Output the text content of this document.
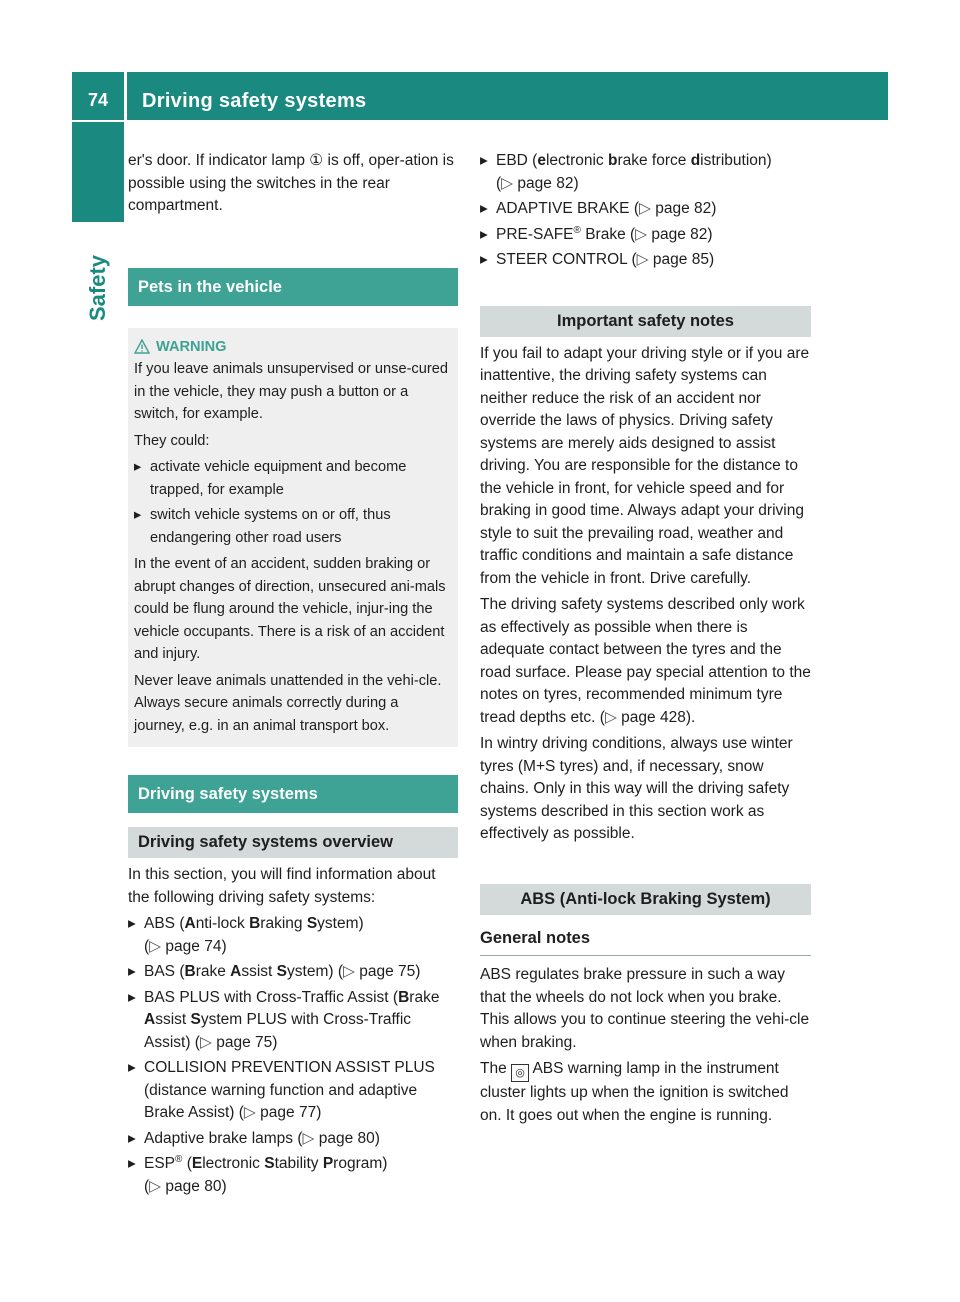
74	Driving safety systems
Safety

er's door. If indicator lamp ① is off, oper-ation is possible using the switches in the rear compartment.

Pets in the vehicle
WARNING

If you leave animals unsupervised or unse-cured in the vehicle, they may push a button or a switch, for example.

They could:

▸ activate vehicle equipment and become trapped, for example
▸ switch vehicle systems on or off, thus endangering other road users

In the event of an accident, sudden braking or abrupt changes of direction, unsecured ani-mals could be flung around the vehicle, injur-ing the vehicle occupants. There is a risk of an accident and injury.

Never leave animals unattended in the vehi-cle. Always secure animals correctly during a journey, e.g. in an animal transport box.

Driving safety systems
Driving safety systems overview

In this section, you will find information about the following driving safety systems:

▸ ABS (Anti-lock Braking System)
(▷ page 74)
▸ BAS (Brake Assist System) (▷ page 75)
▸ BAS PLUS with Cross-Traffic Assist (Brake
Assist System PLUS with Cross-Traffic Assist) (▷ page 75)
▸ COLLISION PREVENTION ASSIST PLUS (distance warning function and adaptive Brake Assist) (▷ page 77)
▸ Adaptive brake lamps (▷ page 80)
▸ ESP® (Electronic Stability Program)
(▷ page 80)
▸ EBD (electronic brake force distribution)
(▷ page 82)
▸ ADAPTIVE BRAKE (▷ page 82)
▸ PRE-SAFE® Brake (▷ page 82)
▸ STEER CONTROL (▷ page 85)
Important safety notes

If you fail to adapt your driving style or if you are inattentive, the driving safety systems can neither reduce the risk of an accident nor override the laws of physics. Driving safety systems are merely aids designed to assist driving. You are responsible for the distance to the vehicle in front, for vehicle speed and for braking in good time. Always adapt your driving style to suit the prevailing road, weather and traffic conditions and maintain a safe distance from the vehicle in front. Drive carefully.

The driving safety systems described only work as effectively as possible when there is adequate contact between the tyres and the road surface. Please pay special attention to the notes on tyres, recommended minimum tyre tread depths etc. (▷ page 428).

In wintry driving conditions, always use winter tyres (M+S tyres) and, if necessary, snow chains. Only in this way will the driving safety systems described in this section work as effectively as possible.

ABS (Anti-lock Braking System)
General notes

ABS regulates brake pressure in such a way that the wheels do not lock when you brake. This allows you to continue steering the vehi-cle when braking.

The ◎ ABS warning lamp in the instrument cluster lights up when the ignition is switched on. It goes out when the engine is running.
